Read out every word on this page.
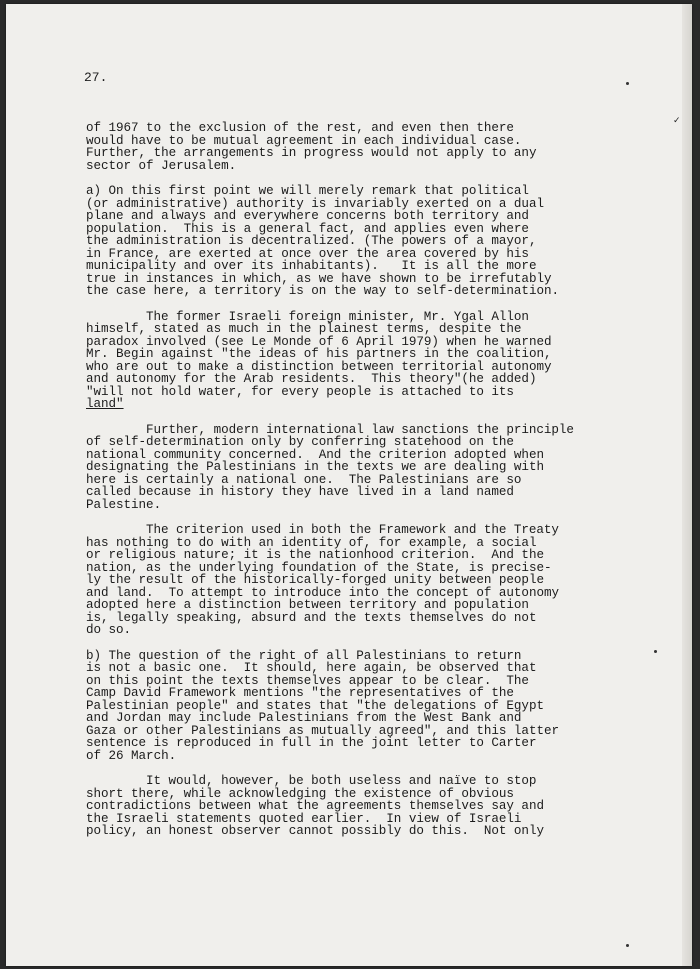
✓
27.

of 1967 to the exclusion of the rest, and even then there
would have to be mutual agreement in each individual case.
Further, the arrangements in progress would not apply to any
sector of Jerusalem.

a) On this first point we will merely remark that political
(or administrative) authority is invariably exerted on a dual
plane and always and everywhere concerns both territory and
population.  This is a general fact, and applies even where
the administration is decentralized. (The powers of a mayor,
in France, are exerted at once over the area covered by his
municipality and over its inhabitants).   It is all the more
true in instances in which, as we have shown to be irrefutably
the case here, a territory is on the way to self-determination.

The former Israeli foreign minister, Mr. Ygal Allon
himself, stated as much in the plainest terms, despite the
paradox involved (see Le Monde of 6 April 1979) when he warned
Mr. Begin against "the ideas of his partners in the coalition,
who are out to make a distinction between territorial autonomy
and autonomy for the Arab residents.  This theory"(he added)
"will not hold water, for every people is attached to its
land"

Further, modern international law sanctions the principle
of self-determination only by conferring statehood on the
national community concerned.  And the criterion adopted when
designating the Palestinians in the texts we are dealing with
here is certainly a national one.  The Palestinians are so
called because in history they have lived in a land named
Palestine.

The criterion used in both the Framework and the Treaty
has nothing to do with an identity of, for example, a social
or religious nature; it is the nationhood criterion.  And the
nation, as the underlying foundation of the State, is precise-
ly the result of the historically-forged unity between people
and land.  To attempt to introduce into the concept of autonomy
adopted here a distinction between territory and population
is, legally speaking, absurd and the texts themselves do not
do so.

b) The question of the right of all Palestinians to return
is not a basic one.  It should, here again, be observed that
on this point the texts themselves appear to be clear.  The
Camp David Framework mentions "the representatives of the
Palestinian people" and states that "the delegations of Egypt
and Jordan may include Palestinians from the West Bank and
Gaza or other Palestinians as mutually agreed", and this latter
sentence is reproduced in full in the joint letter to Carter
of 26 March.

It would, however, be both useless and naïve to stop
short there, while acknowledging the existence of obvious
contradictions between what the agreements themselves say and
the Israeli statements quoted earlier.  In view of Israeli
policy, an honest observer cannot possibly do this.  Not only
